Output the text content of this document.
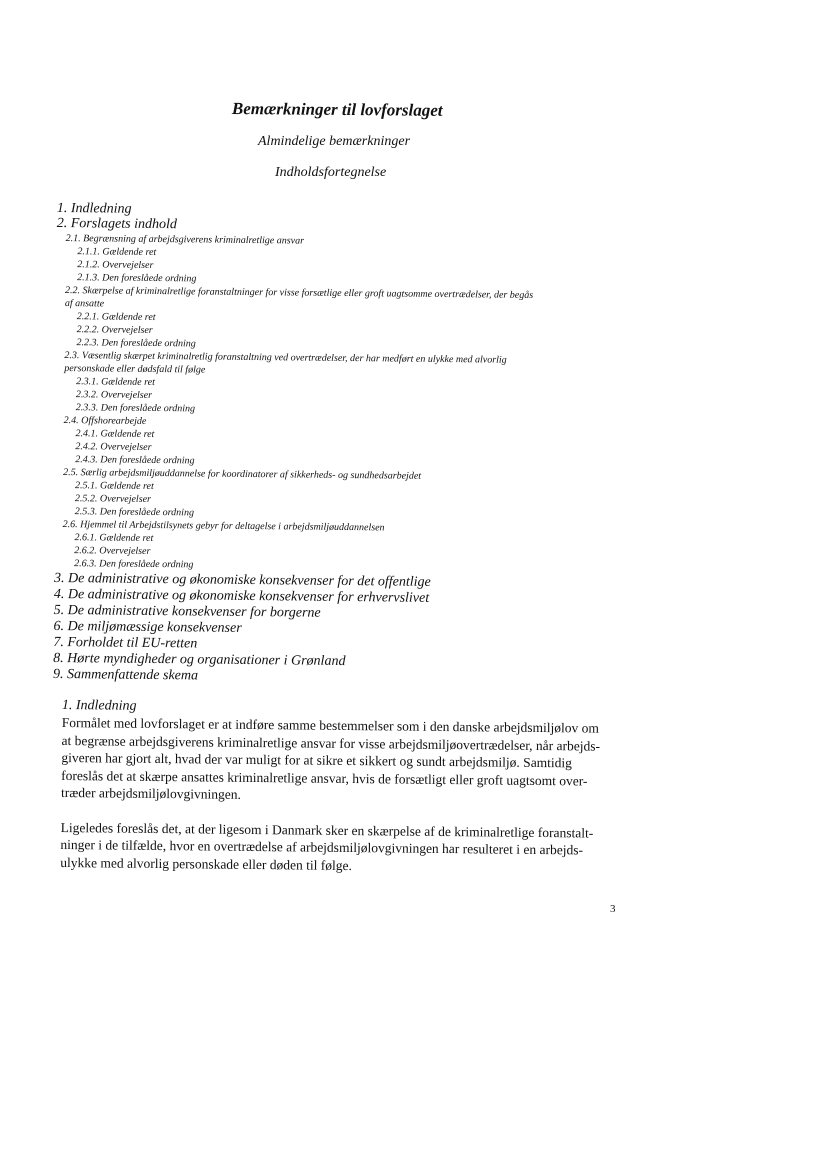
Bemærkninger til lovforslaget
Almindelige bemærkninger
Indholdsfortegnelse
1. Indledning
2. Forslagets indhold
2.1. Begrænsning af arbejdsgiverens kriminalretlige ansvar
2.1.1. Gældende ret
2.1.2. Overvejelser
2.1.3. Den foreslåede ordning
2.2. Skærpelse af kriminalretlige foranstaltninger for visse forsætlige eller groft uagtsomme overtrædelser, der begås
af ansatte
2.2.1. Gældende ret
2.2.2. Overvejelser
2.2.3. Den foreslåede ordning
2.3. Væsentlig skærpet kriminalretlig foranstaltning ved overtrædelser, der har medført en ulykke med alvorlig
personskade eller dødsfald til følge
2.3.1. Gældende ret
2.3.2. Overvejelser
2.3.3. Den foreslåede ordning
2.4. Offshorearbejde
2.4.1. Gældende ret
2.4.2. Overvejelser
2.4.3. Den foreslåede ordning
2.5. Særlig arbejdsmiljøuddannelse for koordinatorer af sikkerheds- og sundhedsarbejdet
2.5.1. Gældende ret
2.5.2. Overvejelser
2.5.3. Den foreslåede ordning
2.6. Hjemmel til Arbejdstilsynets gebyr for deltagelse i arbejdsmiljøuddannelsen
2.6.1. Gældende ret
2.6.2. Overvejelser
2.6.3. Den foreslåede ordning
3. De administrative og økonomiske konsekvenser for det offentlige
4. De administrative og økonomiske konsekvenser for erhvervslivet
5. De administrative konsekvenser for borgerne
6. De miljømæssige konsekvenser
7. Forholdet til EU-retten
8. Hørte myndigheder og organisationer i Grønland
9. Sammenfattende skema
1. Indledning
Formålet med lovforslaget er at indføre samme bestemmelser som i den danske arbejdsmiljølov om
at begrænse arbejdsgiverens kriminalretlige ansvar for visse arbejdsmiljøovertrædelser, når arbejds-
giveren har gjort alt, hvad der var muligt for at sikre et sikkert og sundt arbejdsmiljø. Samtidig
foreslås det at skærpe ansattes kriminalretlige ansvar, hvis de forsætligt eller groft uagtsomt over-
træder arbejdsmiljølovgivningen.
Ligeledes foreslås det, at der ligesom i Danmark sker en skærpelse af de kriminalretlige foranstalt-
ninger i de tilfælde, hvor en overtrædelse af arbejdsmiljølovgivningen har resulteret i en arbejds-
ulykke med alvorlig personskade eller døden til følge.
3
